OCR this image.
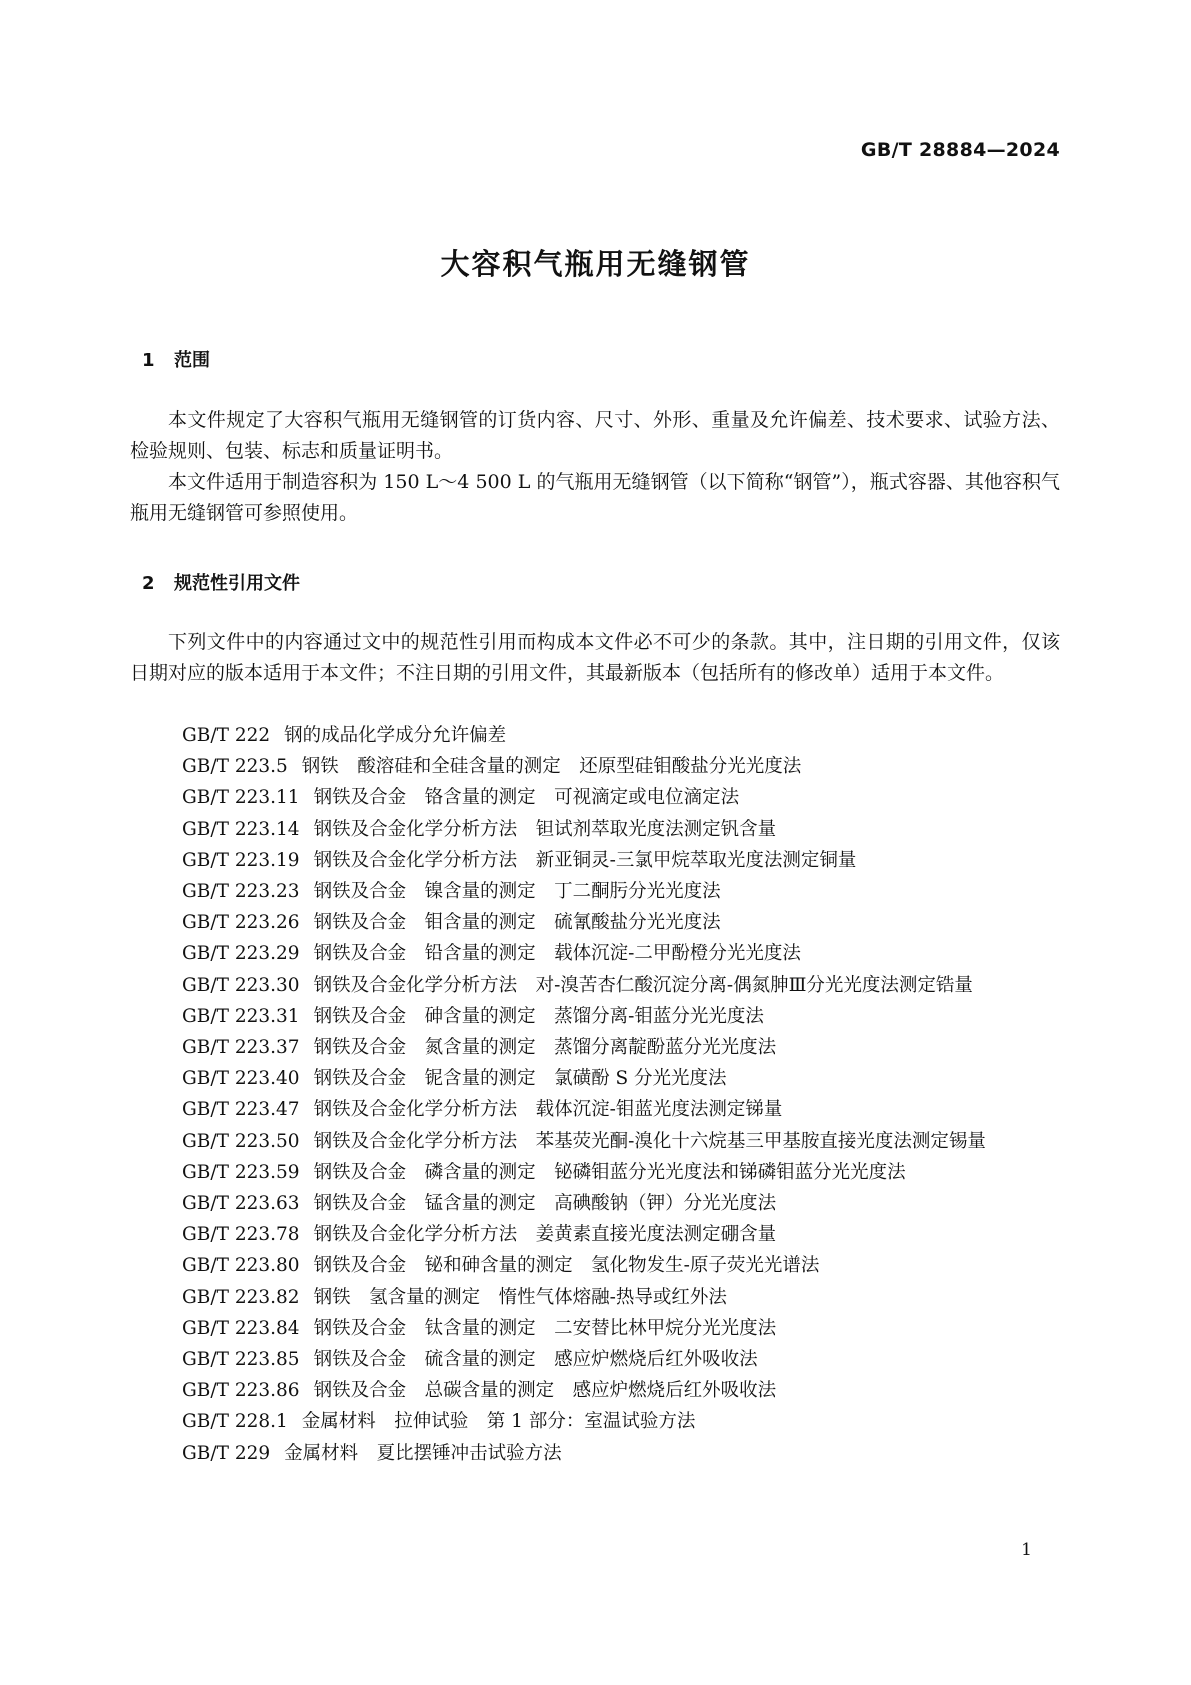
GB/T 28884—2024
大容积气瓶用无缝钢管
1 范围
本文件规定了大容积气瓶用无缝钢管的订货内容、尺寸、外形、重量及允许偏差、技术要求、试验方法、检验规则、包装、标志和质量证明书。
本文件适用于制造容积为 150 L～4 500 L 的气瓶用无缝钢管（以下简称“钢管”），瓶式容器、其他容积气瓶用无缝钢管可参照使用。
2 规范性引用文件
下列文件中的内容通过文中的规范性引用而构成本文件必不可少的条款。其中，注日期的引用文件，仅该日期对应的版本适用于本文件；不注日期的引用文件，其最新版本（包括所有的修改单）适用于本文件。
GB/T 222 钢的成品化学成分允许偏差
GB/T 223.5 钢铁　酸溶硅和全硅含量的测定　还原型硅钼酸盐分光光度法
GB/T 223.11 钢铁及合金　铬含量的测定　可视滴定或电位滴定法
GB/T 223.14 钢铁及合金化学分析方法　钽试剂萃取光度法测定钒含量
GB/T 223.19 钢铁及合金化学分析方法　新亚铜灵-三氯甲烷萃取光度法测定铜量
GB/T 223.23 钢铁及合金　镍含量的测定　丁二酮肟分光光度法
GB/T 223.26 钢铁及合金　钼含量的测定　硫氰酸盐分光光度法
GB/T 223.29 钢铁及合金　铅含量的测定　载体沉淀-二甲酚橙分光光度法
GB/T 223.30 钢铁及合金化学分析方法　对-溴苦杏仁酸沉淀分离-偶氮胂Ⅲ分光光度法测定锆量
GB/T 223.31 钢铁及合金　砷含量的测定　蒸馏分离-钼蓝分光光度法
GB/T 223.37 钢铁及合金　氮含量的测定　蒸馏分离靛酚蓝分光光度法
GB/T 223.40 钢铁及合金　铌含量的测定　氯磺酚 S 分光光度法
GB/T 223.47 钢铁及合金化学分析方法　载体沉淀-钼蓝光度法测定锑量
GB/T 223.50 钢铁及合金化学分析方法　苯基荧光酮-溴化十六烷基三甲基胺直接光度法测定锡量
GB/T 223.59 钢铁及合金　磷含量的测定　铋磷钼蓝分光光度法和锑磷钼蓝分光光度法
GB/T 223.63 钢铁及合金　锰含量的测定　高碘酸钠（钾）分光光度法
GB/T 223.78 钢铁及合金化学分析方法　姜黄素直接光度法测定硼含量
GB/T 223.80 钢铁及合金　铋和砷含量的测定　氢化物发生-原子荧光光谱法
GB/T 223.82 钢铁　氢含量的测定　惰性气体熔融-热导或红外法
GB/T 223.84 钢铁及合金　钛含量的测定　二安替比林甲烷分光光度法
GB/T 223.85 钢铁及合金　硫含量的测定　感应炉燃烧后红外吸收法
GB/T 223.86 钢铁及合金　总碳含量的测定　感应炉燃烧后红外吸收法
GB/T 228.1 金属材料　拉伸试验　第 1 部分：室温试验方法
GB/T 229 金属材料　夏比摆锤冲击试验方法
1
